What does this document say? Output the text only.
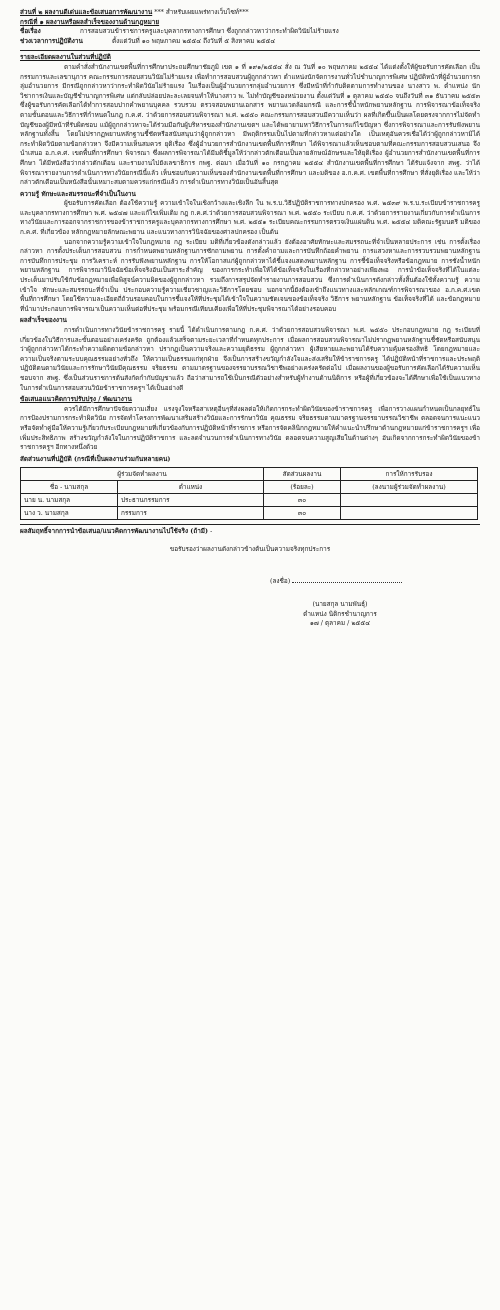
ส่วนที่ ๒ ผลงานดีเด่นและข้อเสนอการพัฒนางาน *** สำหรับเผยแพร่ทางเว็บไซท์***
กรณีที่ ๑ ผลงานหรือผลสำเร็จของงานด้านกฎหมาย
ชื่อเรื่อง	การสอบสวนข้าราชการครูและบุคลากรทางการศึกษา ซึ่งถูกกล่าวหาว่ากระทำผิดวินัยไม่ร้ายแรง
ช่วงเวลาการปฏิบัติงาน	ตั้งแต่วันที่ ๑๐ พฤษภาคม ๒๕๕๔ ถึงวันที่ ๕ สิงหาคม ๒๕๕๔
รายละเอียดผลงานในส่วนที่ปฏิบัติ

ตามคำสั่งสำนักงานเขตพื้นที่การศึกษาประถมศึกษาชัยภูมิ เขต ๑ ที่ ๑๙๑/๒๕๕๔ สั่ง ณ วันที่ ๑๐ พฤษภาคม ๒๕๕๔ ได้แต่งตั้งให้ผู้ขอรับการคัดเลือก เป็นกรรมการและเลขานุการ คณะกรรมการสอบสวนวินัยไม่ร้ายแรง เพื่อทำการสอบสวนผู้ถูกกล่าวหา ตำแหน่งนักจัดการงานทั่วไปชำนาญการพิเศษ ปฏิบัติหน้าที่ผู้อำนวยการกลุ่มอำนวยการ มีกรณีถูกกล่าวหาว่ากระทำผิดวินัยไม่ร้ายแรง ในเรื่องเป็นผู้อำนวยการกลุ่มอำนวยการ ซึ่งมีหน้าที่กำกับติดตามการทำงานของ นางสาว พ. ตำแหน่ง นักวิชาการเงินและบัญชีชำนาญการพิเศษ แต่กลับปล่อยปละละเลยจนทำให้นางสาว พ. ไม่ทำบัญชีของหน่วยงาน ตั้งแต่วันที่ ๑ ตุลาคม ๒๕๕๐ จนถึงวันที่ ๓๑ ธันวาคม ๒๕๕๓ ซึ่งผู้ขอรับการคัดเลือกได้ทำการสอบปากคำพยานบุคคล รวบรวม ตรวจสอบพยานเอกสาร พยานแวดล้อมกรณี และการชี้น้ำหนักพยานหลักฐาน การพิจารณาข้อเท็จจริง ตามขั้นตอนและวิธีการที่กำหนดในกฎ ก.ค.ศ. ว่าด้วยการสอบสวนพิจารณา พ.ศ. ๒๕๕๐ คณะกรรมการสอบสวนมีความเห็นว่า ผลที่เกิดขึ้นเป็นผลโดยตรงจากการไม่จัดทำบัญชีของผู้มีหน้าที่รับผิดชอบ แม้ผู้ถูกกล่าวหาจะได้ร่วมมือกับผู้บริหารของสำนักงานเขตฯ และได้พยายามหาวิธีการในการแก้ไขปัญหา ซึ่งการพิจารณาและการรับฟังพยานหลักฐานทั้งสิ้น โดยไม่ปรากฏพยานหลักฐานชี้ชัดหรือสนับสนุนว่าผู้ถูกกล่าวหา มีพฤติกรรมเป็นไปตามที่กล่าวหาแต่อย่างใด เป็นเหตุอันควรเชื่อได้ว่าผู้ถูกกล่าวหามิได้กระทำผิดวินัยตามข้อกล่าวหา จึงมีความเห็นสมควร ยุติเรื่อง ซึ่งผู้อำนวยการสำนักงานเขตพื้นที่การศึกษา ได้พิจารณาแล้วเห็นชอบตามที่คณะกรรมการสอบสวนเสนอ จึงนำเสนอ อ.ก.ค.ศ. เขตพื้นที่การศึกษา พิจารณา ซึ่งผลการพิจารณาได้มีมติชี้มูลให้ว่ากล่าวตักเตือนเป็นลายลักษณ์อักษรและให้ยุติเรื่อง ผู้อำนวยการสำนักงานเขตพื้นที่การศึกษา ได้มีหนังสือว่ากล่าวตักเตือน และรายงานไปยังเลขาธิการ กพฐ. ต่อมา เมื่อวันที่ ๑๐ กรกฎาคม ๒๕๕๔ สำนักงานเขตพื้นที่การศึกษา ได้รับแจ้งจาก สพฐ. ว่าได้พิจารณารายงานการดำเนินการทางวินัยกรณีนี้แล้ว เห็นชอบกับความเห็นของสำนักงานเขตพื้นที่การศึกษา และมติของ อ.ก.ค.ศ. เขตพื้นที่การศึกษา ที่สั่งยุติเรื่อง และให้ว่ากล่าวตักเตือนเป็นหนังสือนั้นเหมาะสมตามควรแก่กรณีแล้ว การดำเนินการทางวินัยเป็นอันสิ้นสุด

ความรู้ ทักษะและสมรรถนะที่จำเป็นในงาน

ผู้ขอรับการคัดเลือก ต้องใช้ความรู้ ความเข้าใจในเชิงกว้างและเชิงลึก ใน พ.ร.บ.วิธีปฏิบัติราชการทางปกครอง พ.ศ. ๒๕๓๙ พ.ร.บ.ระเบียบข้าราชการครูและบุคลากรทางการศึกษา พ.ศ. ๒๕๔๗ และแก้ไขเพิ่มเติม กฎ ก.ค.ศ.ว่าด้วยการสอบสวนพิจารณา พ.ศ. ๒๕๕๐ ระเบียบ ก.ค.ศ. ว่าด้วยการรายงานเกี่ยวกับการดำเนินการทางวินัยและการออกจากราชการของข้าราชการครูและบุคลากรทางการศึกษา พ.ศ. ๒๕๕๑ ระเบียบคณะกรรมการตรวจเงินแผ่นดิน พ.ศ. ๒๕๕๔ มติคณะรัฐมนตรี มติของ ก.ค.ศ. ที่เกี่ยวข้อง หลักกฎหมายลักษณะพยาน และแนวทางการวินิจฉัยของศาลปกครอง เป็นต้น

นอกจากความรู้ความเข้าใจในกฎหมาย กฎ ระเบียบ มติที่เกี่ยวข้องดังกล่าวแล้ว ยังต้องอาศัยทักษะและสมรรถนะที่จำเป็นหลายประการ เช่น การตั้งเรื่องกล่าวหา การตั้งประเด็นการสอบสวน การกำหนดพยานหลักฐานการซักถามพยาน การตั้งคำถามและการบันทึกถ้อยคำพยาน การแสวงหาและการรวบรวมพยานหลักฐาน การบันทึกการประชุม การวิเคราะห์ การรับฟังพยานหลักฐาน การให้โอกาสแก่ผู้ถูกกล่าวหาได้ชี้แจงแสดงพยานหลักฐาน การชี้ข้อเท็จจริงหรือข้อกฎหมาย การชั่งน้ำหนักพยานหลักฐาน การพิจารณาวินิจฉัยข้อเท็จจริงอันเป็นสาระสำคัญ ของการกระทำเพื่อให้ได้ข้อเท็จจริงในเรื่องที่กล่าวหาอย่างเพียงพอ การนำข้อเท็จจริงที่ได้ในแต่ละประเด็นมาปรับใช้กับข้อกฎหมายเพื่อพิสูจน์ความผิดของผู้ถูกกล่าวหา รวมถึงการสรุปจัดทำรายงานการสอบสวน ซึ่งการดำเนินการดังกล่าวทั้งสิ้นต้องใช้ทั้งความรู้ ความเข้าใจ ทักษะและสมรรถนะที่จำเป็น ประกอบความรู้ความเชี่ยวชาญและวิธีการโดยชอบ นอกจากนี้ยังต้องเข้าถึงแนวทางและหลักเกณฑ์การพิจารณาของ อ.ก.ค.ศ.เขตพื้นที่การศึกษา โดยใช้ความละเอียดถี่ถ้วนรอบคอบในการชี้แจงให้ที่ประชุมได้เข้าใจในความชัดเจนของข้อเท็จจริง วิธีการ พยานหลักฐาน ข้อเท็จจริงที่ได้ และข้อกฎหมายที่นำมาประกอบการพิจารณาเป็นความเห็นต่อที่ประชุม พร้อมกรณีเทียบเคียงเพื่อให้ที่ประชุมพิจารณาได้อย่างรอบคอบ

ผลสำเร็จของงาน

การดำเนินการทางวินัยข้าราชการครู รายนี้ ได้ดำเนินการตามกฎ ก.ค.ศ. ว่าด้วยการสอบสวนพิจารณา พ.ศ. ๒๕๕๐ ประกอบกฎหมาย กฎ ระเบียบที่เกี่ยวข้องในวิธีการและขั้นตอนอย่างเคร่งครัด ถูกต้องแล้วเสร็จตามระยะเวลาที่กำหนดทุกประการ เมื่อผลการสอบสวนพิจารณาไม่ปรากฏพยานหลักฐานชี้ชัดหรือสนับสนุนว่าผู้ถูกกล่าวหาได้กระทำความผิดตามข้อกล่าวหา ปรากฏเป็นความจริงและความยุติธรรม ผู้ถูกกล่าวหา ผู้เสียหายและพยานได้รับความคุ้มครองสิทธิ โดยกฎหมายและความเป็นจริงตามระบบคุณธรรมอย่างทั่วถึง ให้ความเป็นธรรมแก่ทุกฝ่าย จึงเป็นการสร้างขวัญกำลังใจและส่งเสริมให้ข้าราชการครู ได้ปฏิบัติหน้าที่ราชการและประพฤติปฏิบัติตนตามวินัยและการรักษาวินัยมีคุณธรรม จริยธรรม ตามมาตรฐานของจรรยาบรรณวิชาชีพอย่างเคร่งครัดต่อไป เมื่อผลงานของผู้ขอรับการคัดเลือกได้รับความเห็นชอบจาก สพฐ. ซึ่งเป็นส่วนราชการต้นสังกัดกำกับบัญชาแล้ว ถือว่าสามารถใช้เป็นกรณีตัวอย่างสำหรับผู้ทำงานด้านนิติการ หรือผู้ที่เกี่ยวข้องจะได้ศึกษาเพื่อใช้เป็นแนวทางในการดำเนินการสอบสวนวินัยข้าราชการครูฯ ได้เป็นอย่างดี

ข้อเสนอแนวคิดการปรับปรุง / พัฒนางาน

ควรได้มีการศึกษาปัจจัยความเสี่ยง แรงจูงใจหรือสาเหตุอื่นๆที่ส่งผลต่อให้เกิดการกระทำผิดวินัยของข้าราชการครู เพื่อการวางแผนกำหนดเป็นกลยุทธ์ในการป้องปรามการกระทำผิดวินัย การจัดทำโครงการพัฒนาเสริมสร้างวินัยและการรักษาวินัย คุณธรรม จริยธรรมตามมาตรฐานจรรยาบรรณวิชาชีพ ตลอดจนการแนะแนวหรือจัดทำคู่มือให้ความรู้เกี่ยวกับระเบียบกฎหมายที่เกี่ยวข้องกับการปฏิบัติหน้าที่ราชการ หรือการจัดคลินิกกฎหมายให้คำแนะนำปรึกษาด้านกฎหมายแก่ข้าราชการครูฯ เพื่อเพิ่มประสิทธิภาพ สร้างขวัญกำลังใจในการปฏิบัติราชการ และลดจำนวนการดำเนินการทางวินัย ตลอดจนความสูญเสียในด้านต่างๆ อันเกิดจากการกระทำผิดวินัยของข้าราชการครูฯ อีกทางหนึ่งด้วย

สัดส่วนงานที่ปฏิบัติ (กรณีที่เป็นผลงานร่วมกันหลายคน)
ผู้ร่วมจัดทำผลงาน		สัดส่วนผลงาน	การให้การรับรอง
ชื่อ - นามสกุล	ตำแหน่ง	(ร้อยละ)	(ลงนามผู้ร่วมจัดทำผลงาน)
นาย น. นามสกุล	ประธานกรรมการ	๓๐	
นาง ว. นามสกุล	กรรมการ	๓๐	
ผลสัมฤทธิ์จากการนำข้อเสนอ/แนวคิดการพัฒนางานไปใช้จริง (ถ้ามี) -
ขอรับรองว่าผลงานดังกล่าวข้างต้นเป็นความจริงทุกประการ
(ลงชื่อ)
(นายสกุล นามพันธุ์)
ตำแหน่ง นิติกรชำนาญการ
๑๗ / ตุลาคม / ๒๕๕๔
